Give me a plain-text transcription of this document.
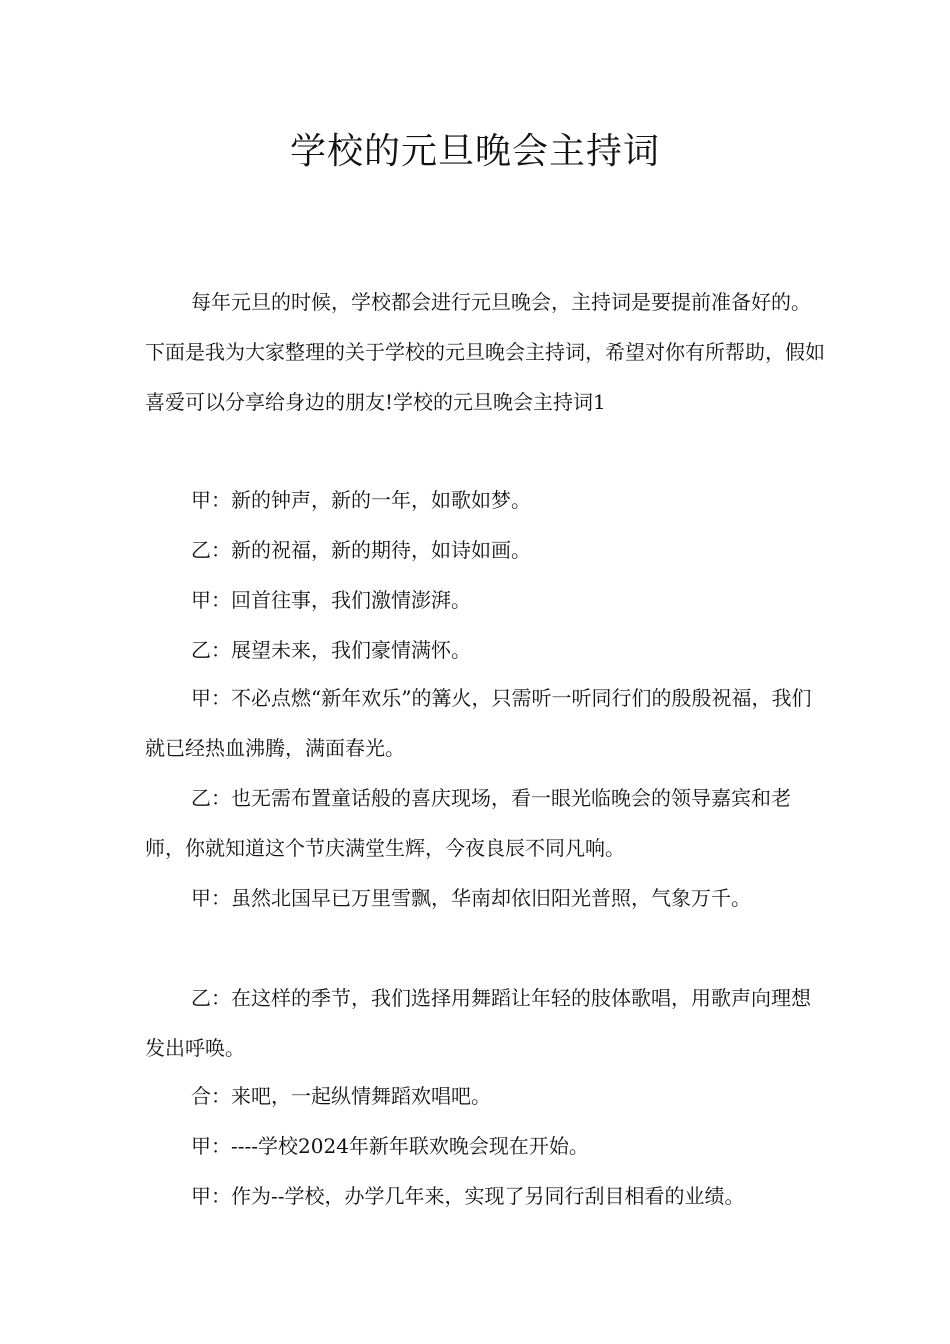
学校的元旦晚会主持词

每年元旦的时候，学校都会进行元旦晚会，主持词是要提前准备好的。下面是我为大家整理的关于学校的元旦晚会主持词，希望对你有所帮助，假如喜爱可以分享给身边的朋友!学校的元旦晚会主持词1

甲：新的钟声，新的一年，如歌如梦。

乙：新的祝福，新的期待，如诗如画。

甲：回首往事，我们激情澎湃。

乙：展望未来，我们豪情满怀。

甲：不必点燃“新年欢乐”的篝火，只需听一听同行们的殷殷祝福，我们就已经热血沸腾，满面春光。

乙：也无需布置童话般的喜庆现场，看一眼光临晚会的领导嘉宾和老师，你就知道这个节庆满堂生辉，今夜良辰不同凡响。

甲：虽然北国早已万里雪飘，华南却依旧阳光普照，气象万千。

乙：在这样的季节，我们选择用舞蹈让年轻的肢体歌唱，用歌声向理想发出呼唤。

合：来吧，一起纵情舞蹈欢唱吧。

甲：----学校2024年新年联欢晚会现在开始。

甲：作为--学校，办学几年来，实现了另同行刮目相看的业绩。
